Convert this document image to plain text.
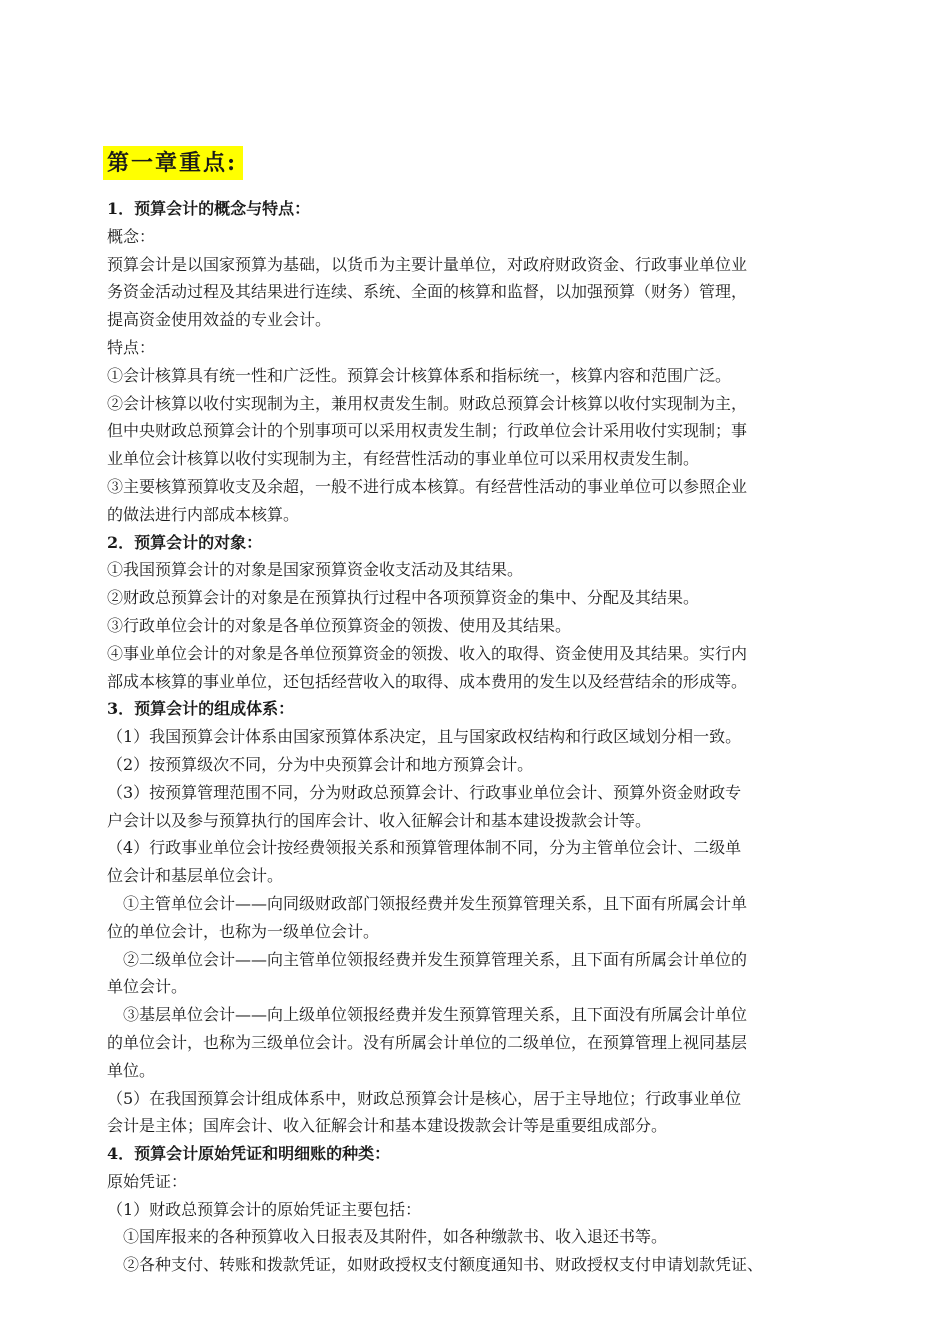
第一章重点:
1．预算会计的概念与特点：
概念：
预算会计是以国家预算为基础，以货币为主要计量单位，对政府财政资金、行政事业单位业
务资金活动过程及其结果进行连续、系统、全面的核算和监督，以加强预算（财务）管理，
提高资金使用效益的专业会计。
特点：
①会计核算具有统一性和广泛性。预算会计核算体系和指标统一，核算内容和范围广泛。
②会计核算以收付实现制为主，兼用权责发生制。财政总预算会计核算以收付实现制为主，
但中央财政总预算会计的个别事项可以采用权责发生制；行政单位会计采用收付实现制；事
业单位会计核算以收付实现制为主，有经营性活动的事业单位可以采用权责发生制。
③主要核算预算收支及余超，一般不进行成本核算。有经营性活动的事业单位可以参照企业
的做法进行内部成本核算。
2．预算会计的对象：
①我国预算会计的对象是国家预算资金收支活动及其结果。
②财政总预算会计的对象是在预算执行过程中各项预算资金的集中、分配及其结果。
③行政单位会计的对象是各单位预算资金的领拨、使用及其结果。
④事业单位会计的对象是各单位预算资金的领拨、收入的取得、资金使用及其结果。实行内
部成本核算的事业单位，还包括经营收入的取得、成本费用的发生以及经营结余的形成等。
3．预算会计的组成体系：
（1）我国预算会计体系由国家预算体系决定，且与国家政权结构和行政区域划分相一致。
（2）按预算级次不同，分为中央预算会计和地方预算会计。
（3）按预算管理范围不同，分为财政总预算会计、行政事业单位会计、预算外资金财政专
户会计以及参与预算执行的国库会计、收入征解会计和基本建设拨款会计等。
（4）行政事业单位会计按经费领报关系和预算管理体制不同，分为主管单位会计、二级单
位会计和基层单位会计。
①主管单位会计——向同级财政部门领报经费并发生预算管理关系，且下面有所属会计单
位的单位会计，也称为一级单位会计。
②二级单位会计——向主管单位领报经费并发生预算管理关系，且下面有所属会计单位的
单位会计。
③基层单位会计——向上级单位领报经费并发生预算管理关系，且下面没有所属会计单位
的单位会计，也称为三级单位会计。没有所属会计单位的二级单位，在预算管理上视同基层
单位。
（5）在我国预算会计组成体系中，财政总预算会计是核心，居于主导地位；行政事业单位
会计是主体；国库会计、收入征解会计和基本建设拨款会计等是重要组成部分。
4．预算会计原始凭证和明细账的种类：
原始凭证：
（1）财政总预算会计的原始凭证主要包括：
①国库报来的各种预算收入日报表及其附件，如各种缴款书、收入退还书等。
②各种支付、转账和拨款凭证，如财政授权支付额度通知书、财政授权支付申请划款凭证、
